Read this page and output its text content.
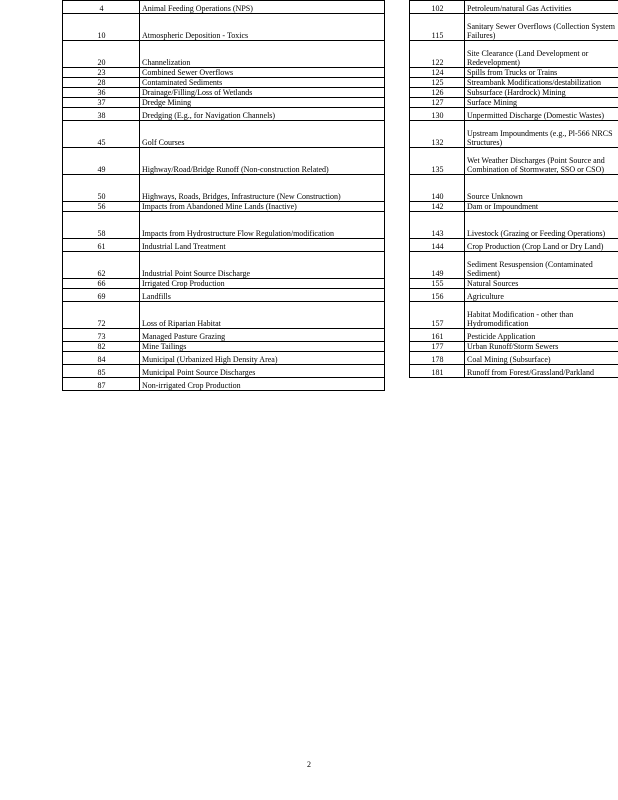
4	Animal Feeding Operations (NPS)
10	Atmospheric Deposition - Toxics
20	Channelization
23	Combined Sewer Overflows
28	Contaminated Sediments
36	Drainage/Filling/Loss of Wetlands
37	Dredge Mining
38	Dredging (E.g., for Navigation Channels)
45	Golf Courses
49	Highway/Road/Bridge Runoff (Non-construction Related)
50	Highways, Roads, Bridges, Infrastructure (New Construction)
56	Impacts from Abandoned Mine Lands (Inactive)
58	Impacts from Hydrostructure Flow Regulation/modification
61	Industrial Land Treatment
62	Industrial Point Source Discharge
66	Irrigated Crop Production
69	Landfills
72	Loss of Riparian Habitat
73	Managed Pasture Grazing
82	Mine Tailings
84	Municipal (Urbanized High Density Area)
85	Municipal Point Source Discharges
87	Non-irrigated Crop Production
102	Petroleum/natural Gas Activities
115	Sanitary Sewer Overflows (Collection System Failures)
122	Site Clearance (Land Development or Redevelopment)
124	Spills from Trucks or Trains
125	Streambank Modifications/destabilization
126	Subsurface (Hardrock) Mining
127	Surface Mining
130	Unpermitted Discharge (Domestic Wastes)
132	Upstream Impoundments (e.g., Pl-566 NRCS Structures)
135	Wet Weather Discharges (Point Source and Combination of Stormwater, SSO or CSO)
140	Source Unknown
142	Dam or Impoundment
143	Livestock (Grazing or Feeding Operations)
144	Crop Production (Crop Land or Dry Land)
149	Sediment Resuspension (Contaminated Sediment)
155	Natural Sources
156	Agriculture
157	Habitat Modification - other than Hydromodification
161	Pesticide Application
177	Urban Runoff/Storm Sewers
178	Coal Mining (Subsurface)
181	Runoff from Forest/Grassland/Parkland
2
